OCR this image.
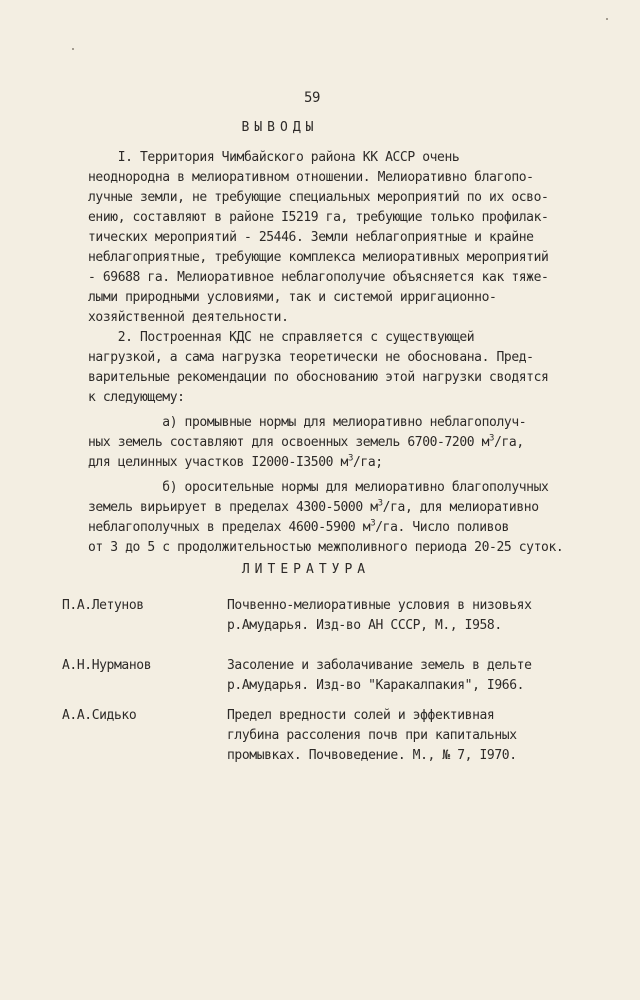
59
ВЫВОДЫ
I. Территория Чимбайского района КК АССР очень
неоднородна в мелиоративном отношении. Мелиоративно благопо-
лучные земли, не требующие специальных мероприятий по их осво-
ению, составляют в районе I5219 га, требующие только профилак-
тических мероприятий - 25446. Земли неблагоприятные и крайне
неблагоприятные, требующие комплекса мелиоративных мероприятий
- 69688 га. Мелиоративное неблагополучие объясняется как тяже-
лыми природными условиями, так и системой ирригационно-
хозяйственной деятельности.
2. Построенная КДС не справляется с существующей
нагрузкой, а сама нагрузка теоретически не обоснована. Пред-
варительные рекомендации по обоснованию этой нагрузки сводятся
к следующему:
а) промывные нормы для мелиоративно неблагополуч-
ных земель составляют для освоенных земель 6700-7200 $м^3/га$,
для целинных участков I2000-I3500 $м^3/га$;
б) оросительные нормы для мелиоративно благополучных
земель вирьирует в пределах 4300-5000 $м^3/га$, для мелиоративно
неблагополучных в пределах 4600-5900 $м^3/га$. Число поливов
от 3 до 5 с продолжительностью межполивного периода 20-25 суток.
ЛИТЕРАТУРА
П.А.Летунов	Почвенно-мелиоративные условия в низовьях
р.Амударья. Изд-во АН СССР, М., I958.
А.Н.Нурманов	Засоление и заболачивание земель в дельте
р.Амударья. Изд-во "Каракалпакия", I966.
А.А.Сидько	Предел вредности солей и эффективная
глубина рассоления почв при капитальных
промывках. Почвоведение. М., № 7, I970.
